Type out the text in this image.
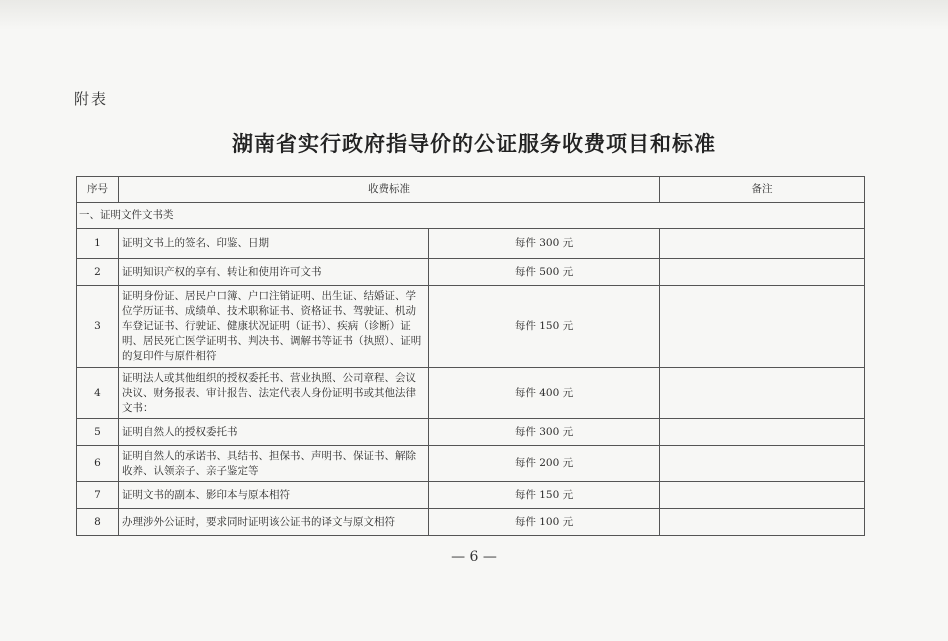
附表
湖南省实行政府指导价的公证服务收费项目和标准
序号	收费标准		备注
一、证明文件文书类			
1	证明文书上的签名、印鉴、日期	每件 300 元	
2	证明知识产权的享有、转让和使用许可文书	每件 500 元	
3	证明身份证、居民户口簿、户口注销证明、出生证、结婚证、学位学历证书、成绩单、技术职称证书、资格证书、驾驶证、机动车登记证书、行驶证、健康状况证明（证书）、疾病（诊断）证明、居民死亡医学证明书、判决书、调解书等证书（执照）、证明的复印件与原件相符	每件 150 元	
4	证明法人或其他组织的授权委托书、营业执照、公司章程、会议决议、财务报表、审计报告、法定代表人身份证明书或其他法律文书：	每件 400 元	
5	证明自然人的授权委托书	每件 300 元	
6	证明自然人的承诺书、具结书、担保书、声明书、保证书、解除收养、认领亲子、亲子鉴定等	每件 200 元	
7	证明文书的副本、影印本与原本相符	每件 150 元	
8	办理涉外公证时，要求同时证明该公证书的译文与原文相符	每件 100 元	
— 6 —
